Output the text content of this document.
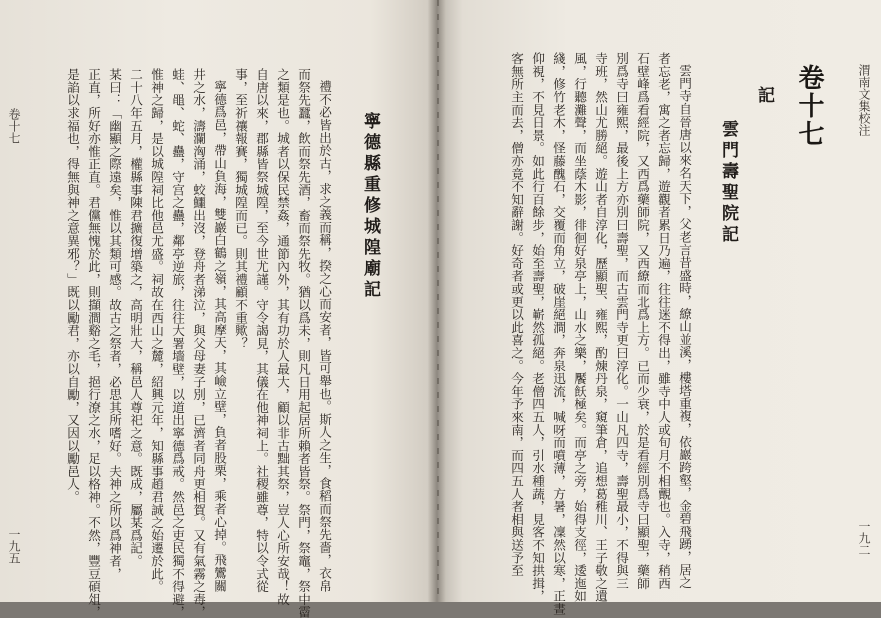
卷十七
一九五
是諂以求福也，得無與神之意異邪？」既以勵君，亦以自勵，又因以勵邑人。 正直，所好亦惟正直。君儻無愧於此，則擷澗谿之毛，挹行潦之水，足以格神。不然，豐豆碩俎， 某曰：「幽顯之際遠矣，惟以其類可感。故古之祭者，必思其所嗜好。夫神之所以爲神者， 二十八年五月，權縣事陳君擴復增築之，高明壯大，稱邑人尊祀之意。既成，屬某爲記。 惟神之歸，是以城隍祠比他邑尤盛。祠故在西山之麓，紹興元年，知縣事趙君誠之始遷於此。 蛙、黽、蛇、蠱，守宫之蠱，鄰亭逆旅，往往大署墻壁，以道出寧德爲戒。然邑之吏民獨不得避， 井之水，濤瀾洶涌，蛟鱷出沒，登舟者涕泣，與父母妻子別，已濟者同舟更相賀。又有氣霧之毒， 寧德爲邑，帶山負海，雙巖白鶴之嶺，其高摩天，其嶮立壁，負者股栗，乘者心掉。飛鸞關 事，至祈禳報賽，獨城隍而已。則其禮顧不重歟？ 自唐以來，郡縣皆祭城隍，至今世尤謹。守令謁見，其儀在他神祠上。社稷雖尊，特以令式從 之類是也。城者以保民禁姦，通節內外，其有功於人最大，顧以非古黜其祭，豈人心所安哉！故 而祭先蠶，飲而祭先酒，畜而祭先牧。猶以爲未，則凡日用起居所賴者皆祭。祭門，祭竈，祭中霤 禮不必皆出於古，求之義而稱，揆之心而安者，皆可舉也。斯人之生，食稻而祭先嗇，衣帛 寧德縣重修城隍廟記	客無所主而去，僧亦竟不知辭謝。好奇者或更以此喜之。今年予來南，而四五人者相與送予至 仰視，不見日景。如此行百餘步，始至壽聖，嶄然孤絕。老僧四五人，引水種蔬，見客不知拱揖， 綫，修竹老木，怪藤醜石，交覆而角立，破崖絕澗，奔泉迅流，喊呀而噴薄，方暑，凜然以寒，正晝 風，行聽灘聲，而坐蔭木影，徘徊好泉亭上，山水之樂，饜飫極矣。而亭之旁，始得支徑，逶迤如 寺班，然山尤勝絕。遊山者自淳化，歷顯聖、雍熙，酌煉丹泉，窺筆倉，追想葛稚川、王子敬之遺 別爲寺曰雍熙，最後上方亦別曰壽聖，而古雲門寺更曰淳化。一山凡四寺，壽聖最小，不得與三 石壁峰爲看經院，又西爲藥師院，又西繚而北爲上方。已而少衰，於是看經別爲寺曰顯聖，藥師 者忘老，寓之者忘歸，遊觀者累日乃遍，往往迷不得出，雖寺中人或旬月不相覿也。入寺，稍西 雲門寺自晉唐以來名天下，父老言昔盛時，繚山並溪，樓塔重複，依巖跨壑，金碧飛踴，居之 雲門壽聖院記
記 卷十七	渭南文集校注
一九二
